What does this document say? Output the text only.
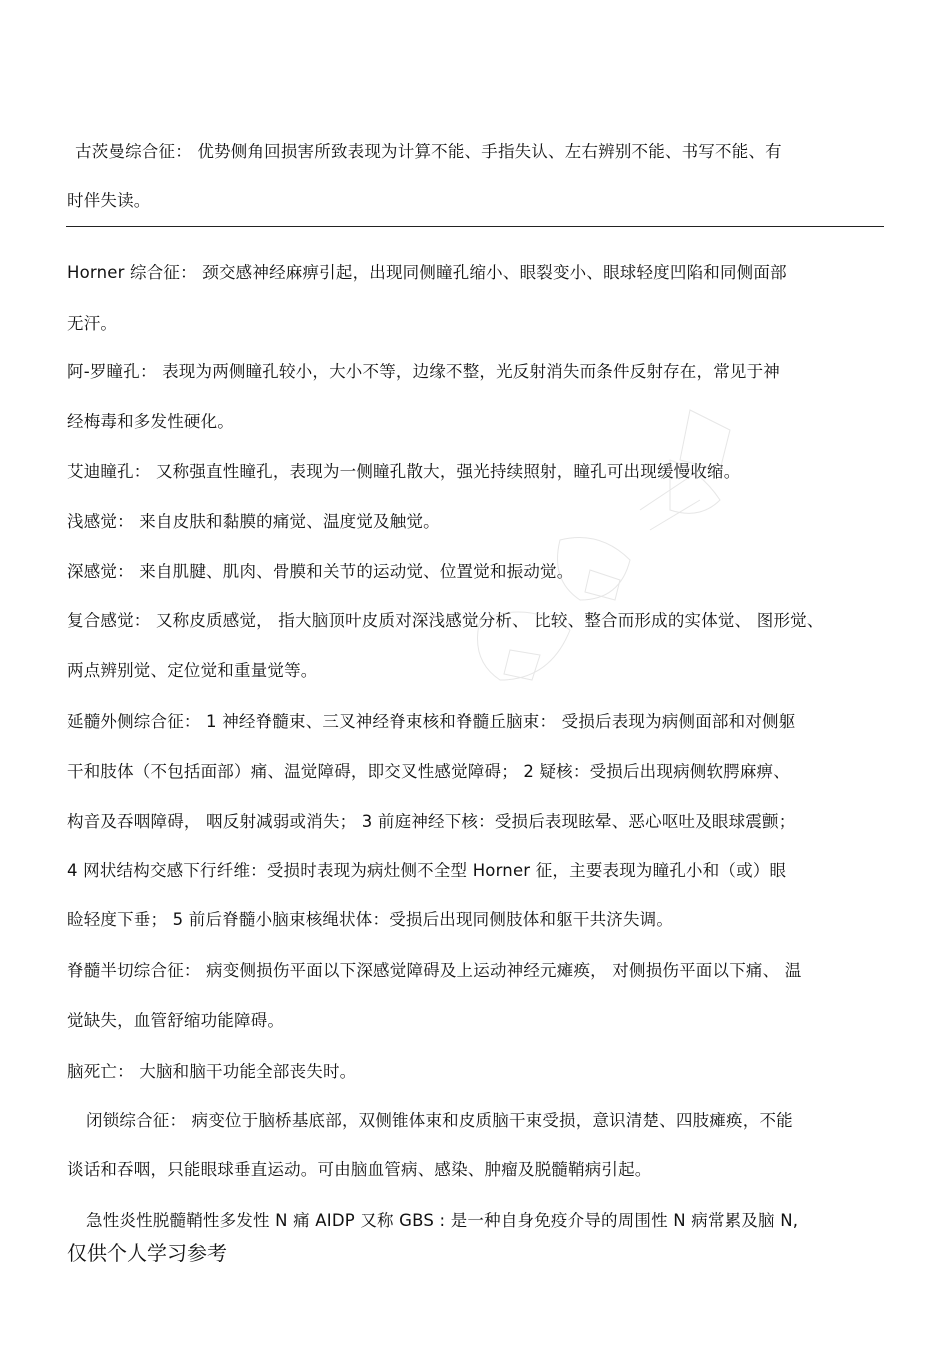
古茨曼综合征： 优势侧角回损害所致表现为计算不能、手指失认、左右辨别不能、书写不能、有
时伴失读。
Horner 综合征： 颈交感神经麻痹引起，出现同侧瞳孔缩小、眼裂变小、眼球轻度凹陷和同侧面部
无汗。
阿-罗瞳孔： 表现为两侧瞳孔较小，大小不等，边缘不整，光反射消失而条件反射存在，常见于神
经梅毒和多发性硬化。
艾迪瞳孔： 又称强直性瞳孔，表现为一侧瞳孔散大，强光持续照射，瞳孔可出现缓慢收缩。
浅感觉： 来自皮肤和黏膜的痛觉、温度觉及触觉。
深感觉： 来自肌腱、肌肉、骨膜和关节的运动觉、位置觉和振动觉。
复合感觉： 又称皮质感觉， 指大脑顶叶皮质对深浅感觉分析、 比较、整合而形成的实体觉、 图形觉、
两点辨别觉、定位觉和重量觉等。
延髓外侧综合征： 1 神经脊髓束、三叉神经脊束核和脊髓丘脑束： 受损后表现为病侧面部和对侧躯
干和肢体（不包括面部）痛、温觉障碍，即交叉性感觉障碍； 2 疑核：受损后出现病侧软腭麻痹、
构音及吞咽障碍， 咽反射减弱或消失； 3 前庭神经下核：受损后表现眩晕、恶心呕吐及眼球震颤；
4 网状结构交感下行纤维：受损时表现为病灶侧不全型 Horner 征，主要表现为瞳孔小和（或）眼
睑轻度下垂； 5 前后脊髓小脑束核绳状体：受损后出现同侧肢体和躯干共济失调。
脊髓半切综合征： 病变侧损伤平面以下深感觉障碍及上运动神经元瘫痪， 对侧损伤平面以下痛、 温
觉缺失，血管舒缩功能障碍。
脑死亡： 大脑和脑干功能全部丧失时。
闭锁综合征： 病变位于脑桥基底部，双侧锥体束和皮质脑干束受损，意识清楚、四肢瘫痪，不能
谈话和吞咽，只能眼球垂直运动。可由脑血管病、感染、肿瘤及脱髓鞘病引起。
急性炎性脱髓鞘性多发性 N 痛 AIDP 又称 GBS : 是一种自身免疫介导的周围性 N 病常累及脑 N,
仅供个人学习参考
